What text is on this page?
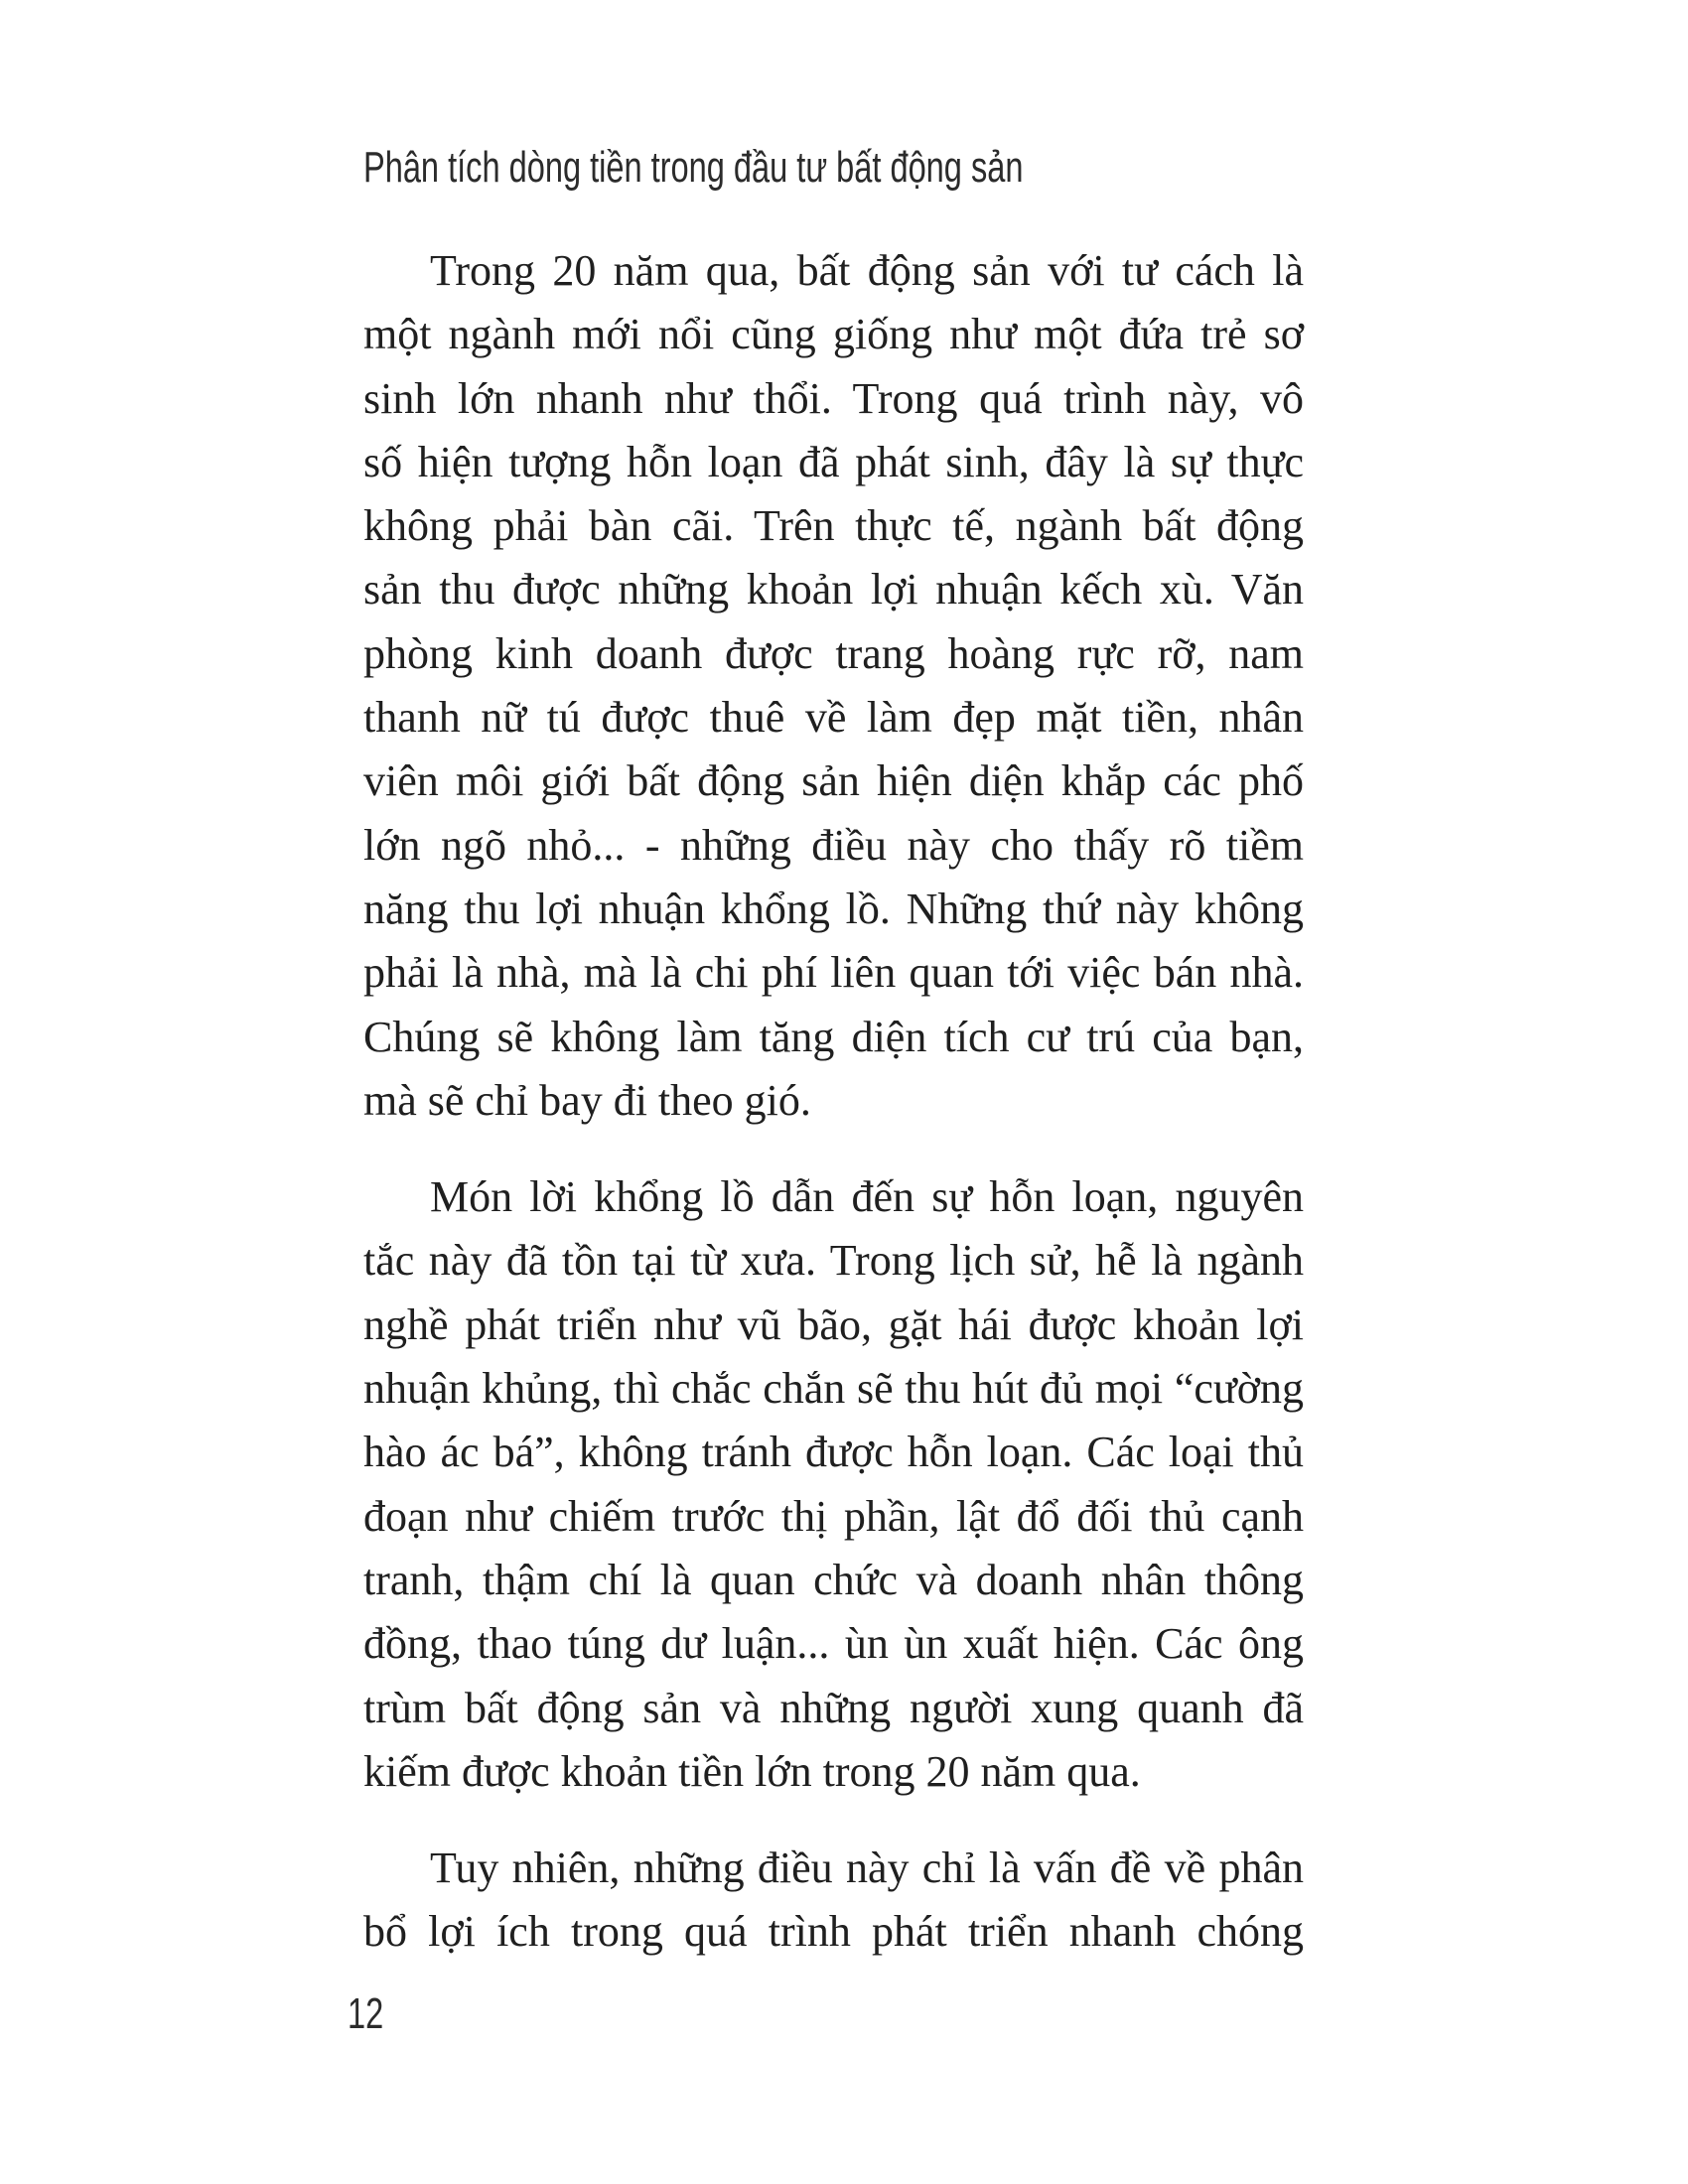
Phân tích dòng tiền trong đầu tư bất động sản
Trong 20 năm qua, bất động sản với tư cách là
một ngành mới nổi cũng giống như một đứa trẻ sơ
sinh lớn nhanh như thổi. Trong quá trình này, vô
số hiện tượng hỗn loạn đã phát sinh, đây là sự thực
không phải bàn cãi. Trên thực tế, ngành bất động
sản thu được những khoản lợi nhuận kếch xù. Văn
phòng kinh doanh được trang hoàng rực rỡ, nam
thanh nữ tú được thuê về làm đẹp mặt tiền, nhân
viên môi giới bất động sản hiện diện khắp các phố
lớn ngõ nhỏ... - những điều này cho thấy rõ tiềm
năng thu lợi nhuận khổng lồ. Những thứ này không
phải là nhà, mà là chi phí liên quan tới việc bán nhà.
Chúng sẽ không làm tăng diện tích cư trú của bạn,
mà sẽ chỉ bay đi theo gió.
Món lời khổng lồ dẫn đến sự hỗn loạn, nguyên
tắc này đã tồn tại từ xưa. Trong lịch sử, hễ là ngành
nghề phát triển như vũ bão, gặt hái được khoản lợi
nhuận khủng, thì chắc chắn sẽ thu hút đủ mọi “cường
hào ác bá”, không tránh được hỗn loạn. Các loại thủ
đoạn như chiếm trước thị phần, lật đổ đối thủ cạnh
tranh, thậm chí là quan chức và doanh nhân thông
đồng, thao túng dư luận... ùn ùn xuất hiện. Các ông
trùm bất động sản và những người xung quanh đã
kiếm được khoản tiền lớn trong 20 năm qua.
Tuy nhiên, những điều này chỉ là vấn đề về phân
bổ lợi ích trong quá trình phát triển nhanh chóng
12
